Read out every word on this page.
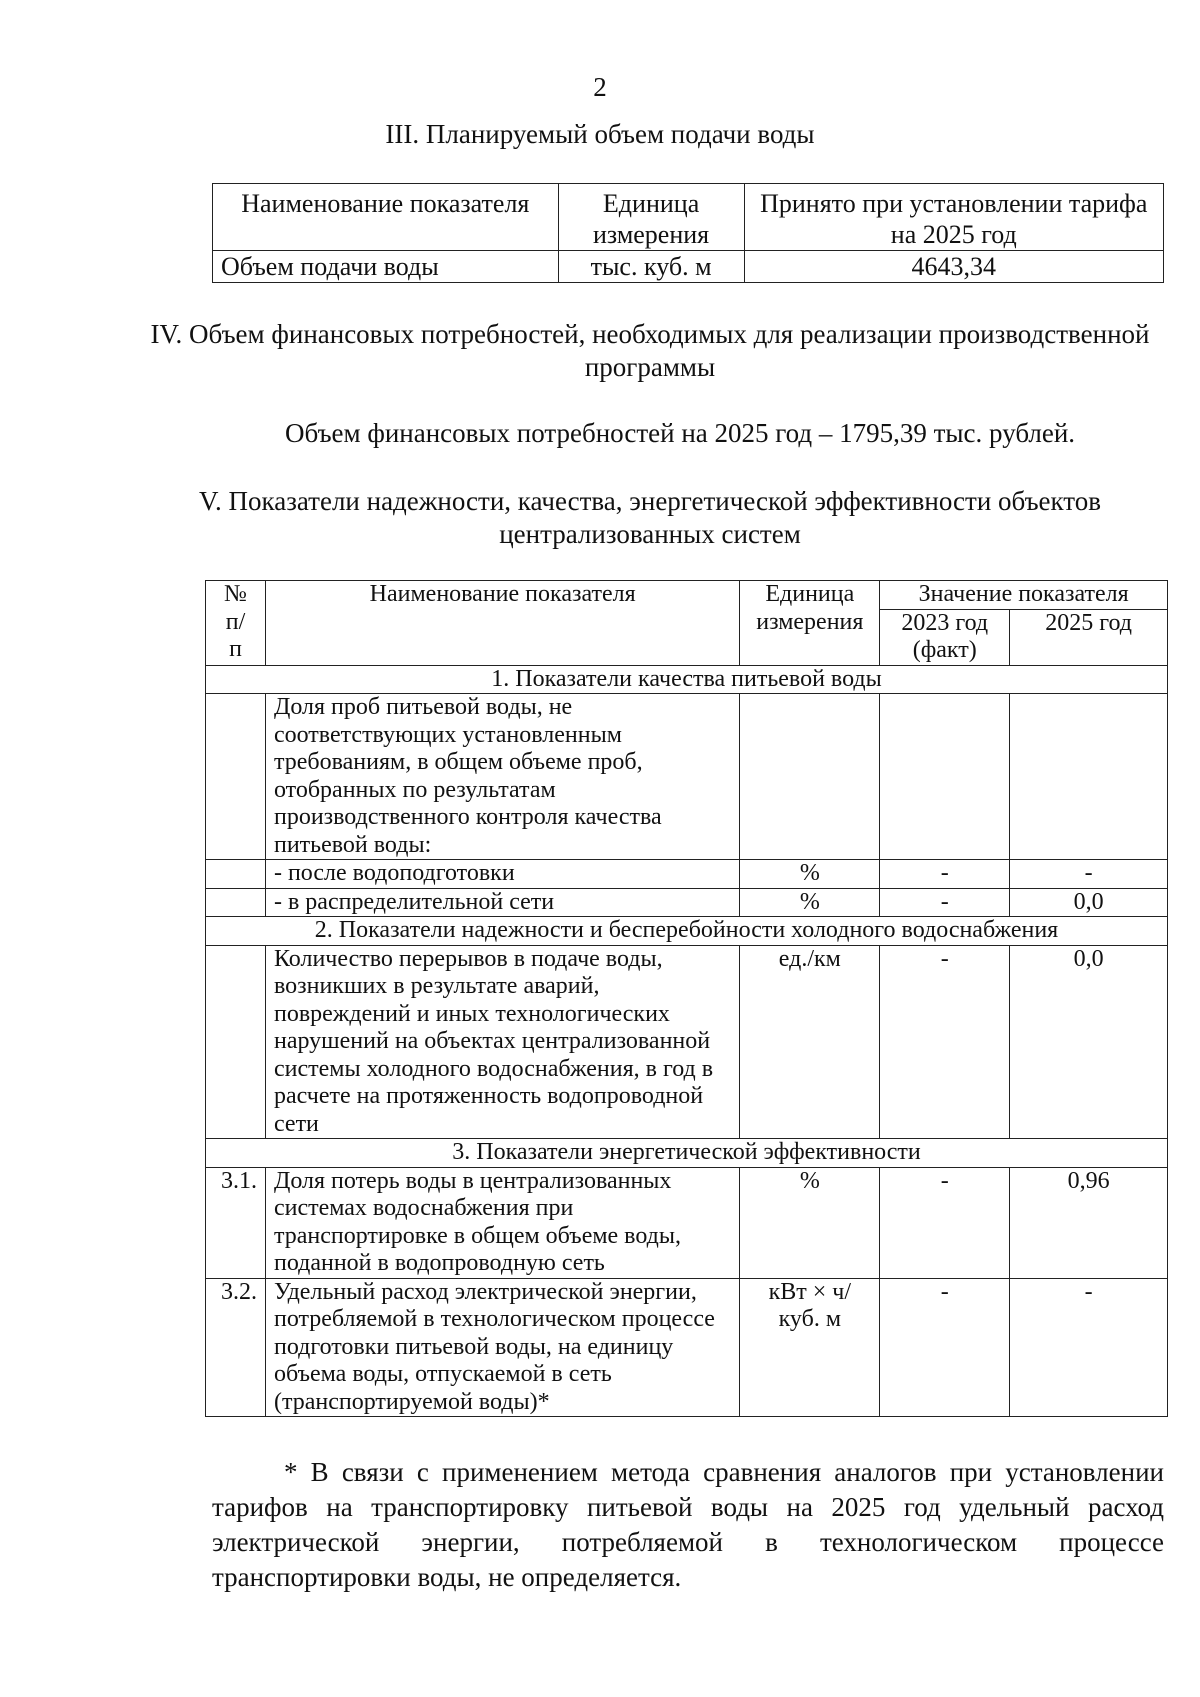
2
III. Планируемый объем подачи воды
Наименование показателя	Единица измерения	Принято при установлении тарифа на 2025 год
Объем подачи воды	тыс. куб. м	4643,34
IV. Объем финансовых потребностей, необходимых для реализации производственной программы
Объем финансовых потребностей на 2025 год – 1795,39 тыс. рублей.
V. Показатели надежности, качества, энергетической эффективности объектов централизованных систем
№ п/п	Наименование показателя	Единица измерения	Значение показателя	
			2023 год (факт)	2025 год
1. Показатели качества питьевой воды				
	Доля проб питьевой воды, не соответствующих установленным требованиям, в общем объеме проб, отобранных по результатам производственного контроля качества питьевой воды:			
	- после водоподготовки	%	-	-
	- в распределительной сети	%	-	0,0
2. Показатели надежности и бесперебойности холодного водоснабжения				
	Количество перерывов в подаче воды, возникших в результате аварий, повреждений и иных технологических нарушений на объектах централизованной системы холодного водоснабжения, в год в расчете на протяженность водопроводной сети	ед./км	-	0,0
3. Показатели энергетической эффективности				
3.1.	Доля потерь воды в централизованных системах водоснабжения при транспортировке в общем объеме воды, поданной в водопроводную сеть	%	-	0,96
3.2.	Удельный расход электрической энергии, потребляемой в технологическом процессе подготовки питьевой воды, на единицу объема воды, отпускаемой в сеть (транспортируемой воды)*	кВт × ч/ куб. м	-	-
* В связи с применением метода сравнения аналогов при установлении тарифов на транспортировку питьевой воды на 2025 год удельный расход электрической энергии, потребляемой в технологическом процессе транспортировки воды, не определяется.
